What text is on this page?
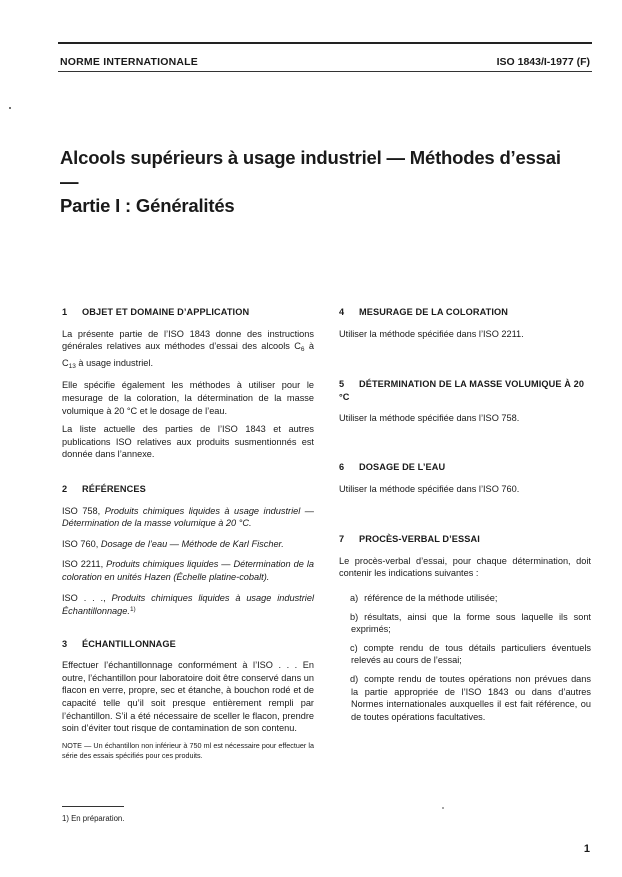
NORME INTERNATIONALE	ISO 1843/I-1977 (F)
Alcools supérieurs à usage industriel — Méthodes d’essai —
Partie I : Généralités
1 OBJET ET DOMAINE D’APPLICATION

La présente partie de l’ISO 1843 donne des instructions générales relatives aux méthodes d’essai des alcools $C_6$ à $C_{13}$ à usage industriel.

Elle spécifie également les méthodes à utiliser pour le mesurage de la coloration, la détermination de la masse volumique à 20 °C et le dosage de l’eau.

La liste actuelle des parties de l’ISO 1843 et autres publications ISO relatives aux produits susmentionnés est donnée dans l’annexe.

2 RÉFÉRENCES

ISO 758, Produits chimiques liquides à usage industriel — Détermination de la masse volumique à 20 °C.

ISO 760, Dosage de l’eau — Méthode de Karl Fischer.

ISO 2211, Produits chimiques liquides — Détermination de la coloration en unités Hazen (Échelle platine-cobalt).

ISO . . ., Produits chimiques liquides à usage industriel Échantillonnage.$^{1)}$

3 ÉCHANTILLONNAGE

Effectuer l’échantillonnage conformément à l’ISO . . . En outre, l’échantillon pour laboratoire doit être conservé dans un flacon en verre, propre, sec et étanche, à bouchon rodé et de capacité telle qu’il soit presque entièrement rempli par l’échantillon. S’il a été nécessaire de sceller le flacon, prendre soin d’éviter tout risque de contamination de son contenu.

NOTE — Un échantillon non inférieur à 750 ml est nécessaire pour effectuer la série des essais spécifiés pour ces produits.

4 MESURAGE DE LA COLORATION

Utiliser la méthode spécifiée dans l’ISO 2211.

5 DÉTERMINATION DE LA MASSE VOLUMIQUE À 20 °C

Utiliser la méthode spécifiée dans l’ISO 758.

6 DOSAGE DE L’EAU

Utiliser la méthode spécifiée dans l’ISO 760.

7 PROCÈS-VERBAL D’ESSAI

Le procès-verbal d’essai, pour chaque détermination, doit contenir les indications suivantes :

a) référence de la méthode utilisée;

b) résultats, ainsi que la forme sous laquelle ils sont exprimés;

c) compte rendu de tous détails particuliers éventuels relevés au cours de l’essai;

d) compte rendu de toutes opérations non prévues dans la partie appropriée de l’ISO 1843 ou dans d’autres Normes internationales auxquelles il est fait référence, ou de toutes opérations facultatives.

1) En préparation.
1
